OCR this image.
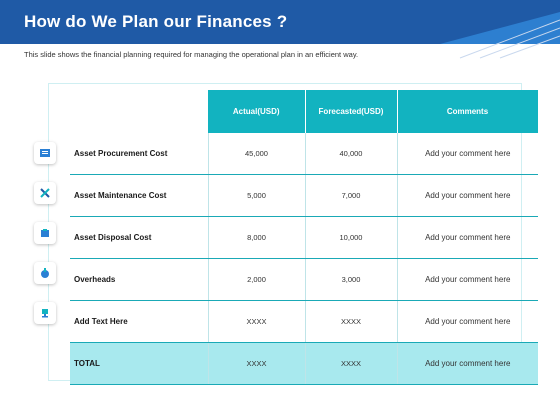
How do We Plan our Finances ?

This slide shows the financial planning required for managing the operational plan in an efficient way.

	Actual(USD)	Forecasted(USD)	Comments
Asset Procurement Cost	45,000	40,000	Add your comment here
Asset Maintenance Cost	5,000	7,000	Add your comment here
Asset Disposal Cost	8,000	10,000	Add your comment here
Overheads	2,000	3,000	Add your comment here
Add Text Here	XXXX	XXXX	Add your comment here
TOTAL	XXXX	XXXX	Add your comment here
